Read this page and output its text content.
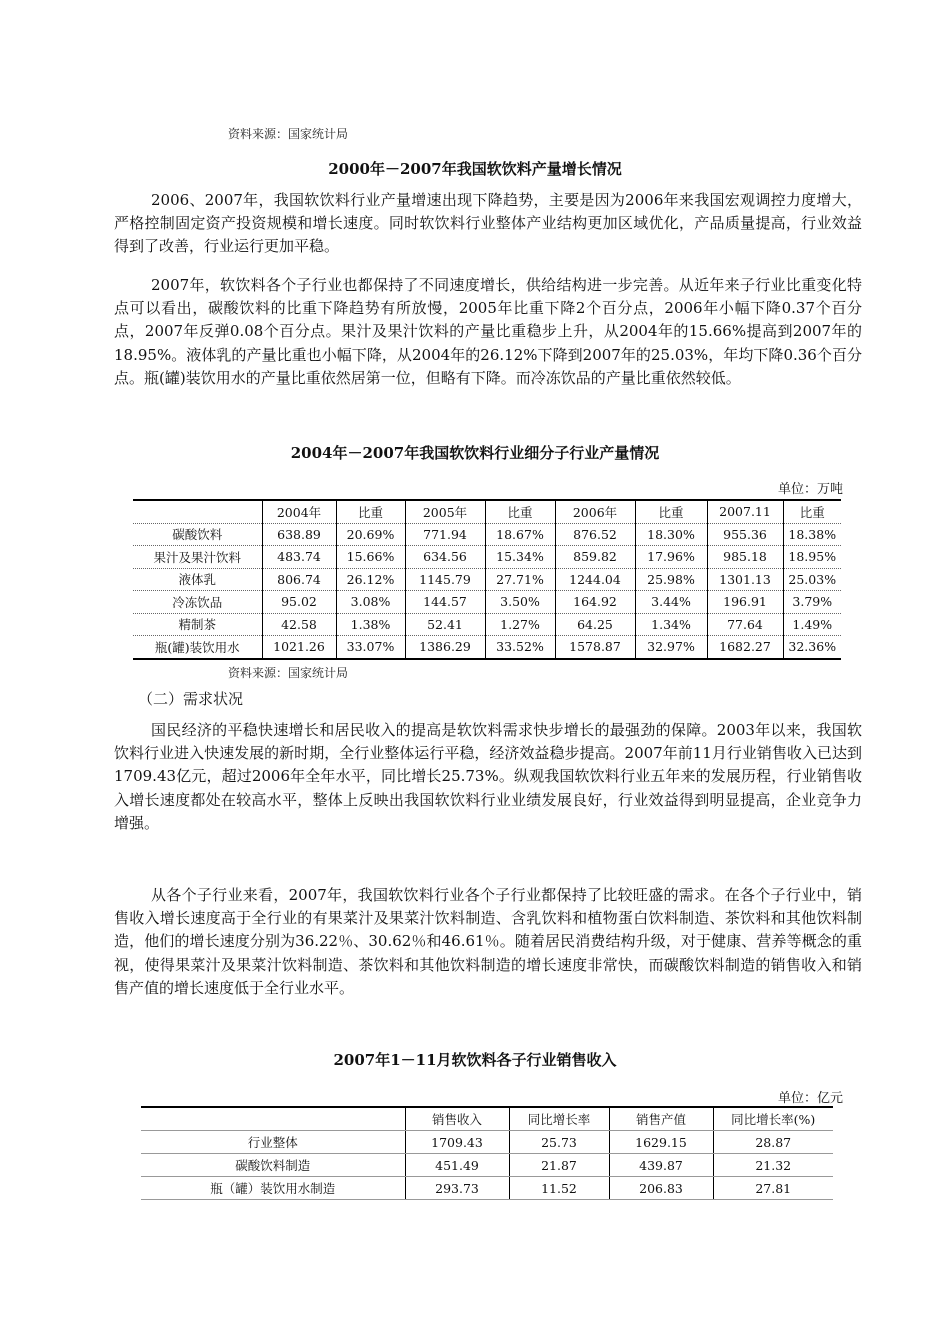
资料来源：国家统计局
2000年－2007年我国软饮料产量增长情况

2006、2007年，我国软饮料行业产量增速出现下降趋势，主要是因为2006年来我国宏观调控力度增大，严格控制固定资产投资规模和增长速度。同时软饮料行业整体产业结构更加区域优化，产品质量提高，行业效益得到了改善，行业运行更加平稳。

2007年，软饮料各个子行业也都保持了不同速度增长，供给结构进一步完善。从近年来子行业比重变化特点可以看出，碳酸饮料的比重下降趋势有所放慢，2005年比重下降2个百分点，2006年小幅下降0.37个百分点，2007年反弹0.08个百分点。果汁及果汁饮料的产量比重稳步上升，从2004年的15.66%提高到2007年的18.95%。液体乳的产量比重也小幅下降，从2004年的26.12%下降到2007年的25.03%，年均下降0.36个百分点。瓶(罐)装饮用水的产量比重依然居第一位，但略有下降。而冷冻饮品的产量比重依然较低。

2004年－2007年我国软饮料行业细分子行业产量情况
单位：万吨
	2004年	比重	2005年	比重	2006年	比重	2007.11	比重
碳酸饮料	638.89	20.69%	771.94	18.67%	876.52	18.30%	955.36	18.38%
果汁及果汁饮料	483.74	15.66%	634.56	15.34%	859.82	17.96%	985.18	18.95%
液体乳	806.74	26.12%	1145.79	27.71%	1244.04	25.98%	1301.13	25.03%
冷冻饮品	95.02	3.08%	144.57	3.50%	164.92	3.44%	196.91	3.79%
精制茶	42.58	1.38%	52.41	1.27%	64.25	1.34%	77.64	1.49%
瓶(罐)装饮用水	1021.26	33.07%	1386.29	33.52%	1578.87	32.97%	1682.27	32.36%
资料来源：国家统计局
（二）需求状况

国民经济的平稳快速增长和居民收入的提高是软饮料需求快步增长的最强劲的保障。2003年以来，我国软饮料行业进入快速发展的新时期，全行业整体运行平稳，经济效益稳步提高。2007年前11月行业销售收入已达到1709.43亿元，超过2006年全年水平，同比增长25.73%。纵观我国软饮料行业五年来的发展历程，行业销售收入增长速度都处在较高水平，整体上反映出我国软饮料行业业绩发展良好，行业效益得到明显提高，企业竞争力增强。

从各个子行业来看，2007年，我国软饮料行业各个子行业都保持了比较旺盛的需求。在各个子行业中，销售收入增长速度高于全行业的有果菜汁及果菜汁饮料制造、含乳饮料和植物蛋白饮料制造、茶饮料和其他饮料制造，他们的增长速度分别为36.22％、30.62％和46.61％。随着居民消费结构升级，对于健康、营养等概念的重视，使得果菜汁及果菜汁饮料制造、茶饮料和其他饮料制造的增长速度非常快，而碳酸饮料制造的销售收入和销售产值的增长速度低于全行业水平。

2007年1－11月软饮料各子行业销售收入
单位：亿元
	销售收入	同比增长率	销售产值	同比增长率(%)
行业整体	1709.43	25.73	1629.15	28.87
碳酸饮料制造	451.49	21.87	439.87	21.32
瓶（罐）装饮用水制造	293.73	11.52	206.83	27.81
